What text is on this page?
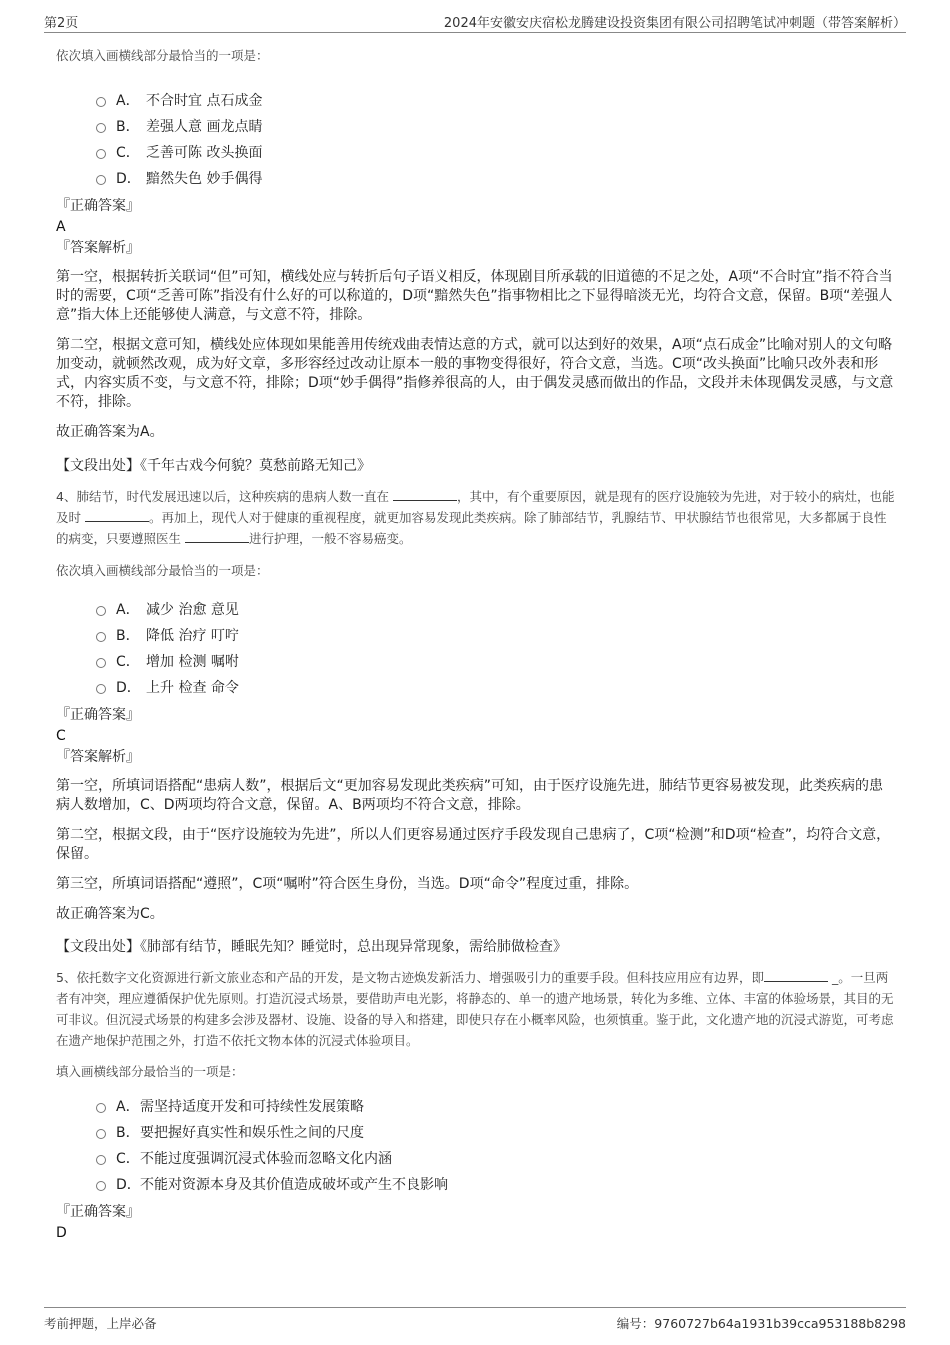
第2页	2024年安徽安庆宿松龙腾建设投资集团有限公司招聘笔试冲刺题（带答案解析）

依次填入画横线部分最恰当的一项是：

A． 不合时宜 点石成金
B． 差强人意 画龙点睛
C． 乏善可陈 改头换面
D． 黯然失色 妙手偶得

『正确答案』

A

『答案解析』

第一空，根据转折关联词“但”可知，横线处应与转折后句子语义相反，体现剧目所承载的旧道德的不足之处，A项“不合时宜”指不符合当时的需要，C项“乏善可陈”指没有什么好的可以称道的，D项“黯然失色”指事物相比之下显得暗淡无光，均符合文意，保留。B项“差强人意”指大体上还能够使人满意，与文意不符，排除。

第二空，根据文意可知，横线处应体现如果能善用传统戏曲表情达意的方式，就可以达到好的效果，A项“点石成金”比喻对别人的文句略加变动，就顿然改观，成为好文章，多形容经过改动让原本一般的事物变得很好，符合文意，当选。C项“改头换面”比喻只改外表和形式，内容实质不变，与文意不符，排除；D项“妙手偶得”指修养很高的人，由于偶发灵感而做出的作品，文段并未体现偶发灵感，与文意不符，排除。

故正确答案为A。

【文段出处】《千年古戏今何貌？莫愁前路无知己》

4、肺结节，时代发展迅速以后，这种疾病的患病人数一直在	，其中，有个重要原因，就是现有的医疗设施较为先进，对于较小的病灶，也能及时	。再加上，现代人对于健康的重视程度，就更加容易发现此类疾病。除了肺部结节，乳腺结节、甲状腺结节也很常见，大多都属于良性的病变，只要遵照医生	进行护理，一般不容易癌变。

依次填入画横线部分最恰当的一项是：

A． 减少 治愈 意见
B． 降低 治疗 叮咛
C． 增加 检测 嘱咐
D． 上升 检查 命令

『正确答案』

C

『答案解析』

第一空，所填词语搭配“患病人数”，根据后文“更加容易发现此类疾病”可知，由于医疗设施先进，肺结节更容易被发现，此类疾病的患病人数增加，C、D两项均符合文意，保留。A、B两项均不符合文意，排除。

第二空，根据文段，由于“医疗设施较为先进”，所以人们更容易通过医疗手段发现自己患病了，C项“检测”和D项“检查”，均符合文意，保留。

第三空，所填词语搭配“遵照”，C项“嘱咐”符合医生身份，当选。D项“命令”程度过重，排除。

故正确答案为C。

【文段出处】《肺部有结节，睡眠先知？睡觉时，总出现异常现象，需给肺做检查》

5、依托数字文化资源进行新文旅业态和产品的开发，是文物古迹焕发新活力、增强吸引力的重要手段。但科技应用应有边界，即	_。一旦两者有冲突，理应遵循保护优先原则。打造沉浸式场景，要借助声电光影，将静态的、单一的遗产地场景，转化为多维、立体、丰富的体验场景，其目的无可非议。但沉浸式场景的构建多会涉及器材、设施、设备的导入和搭建，即使只存在小概率风险，也须慎重。鉴于此，文化遗产地的沉浸式游览，可考虑在遗产地保护范围之外，打造不依托文物本体的沉浸式体验项目。

填入画横线部分最恰当的一项是：

A．需坚持适度开发和可持续性发展策略
B．要把握好真实性和娱乐性之间的尺度
C．不能过度强调沉浸式体验而忽略文化内涵
D．不能对资源本身及其价值造成破坏或产生不良影响

『正确答案』

D

考前押题，上岸必备	编号：9760727b64a1931b39cca953188b8298
